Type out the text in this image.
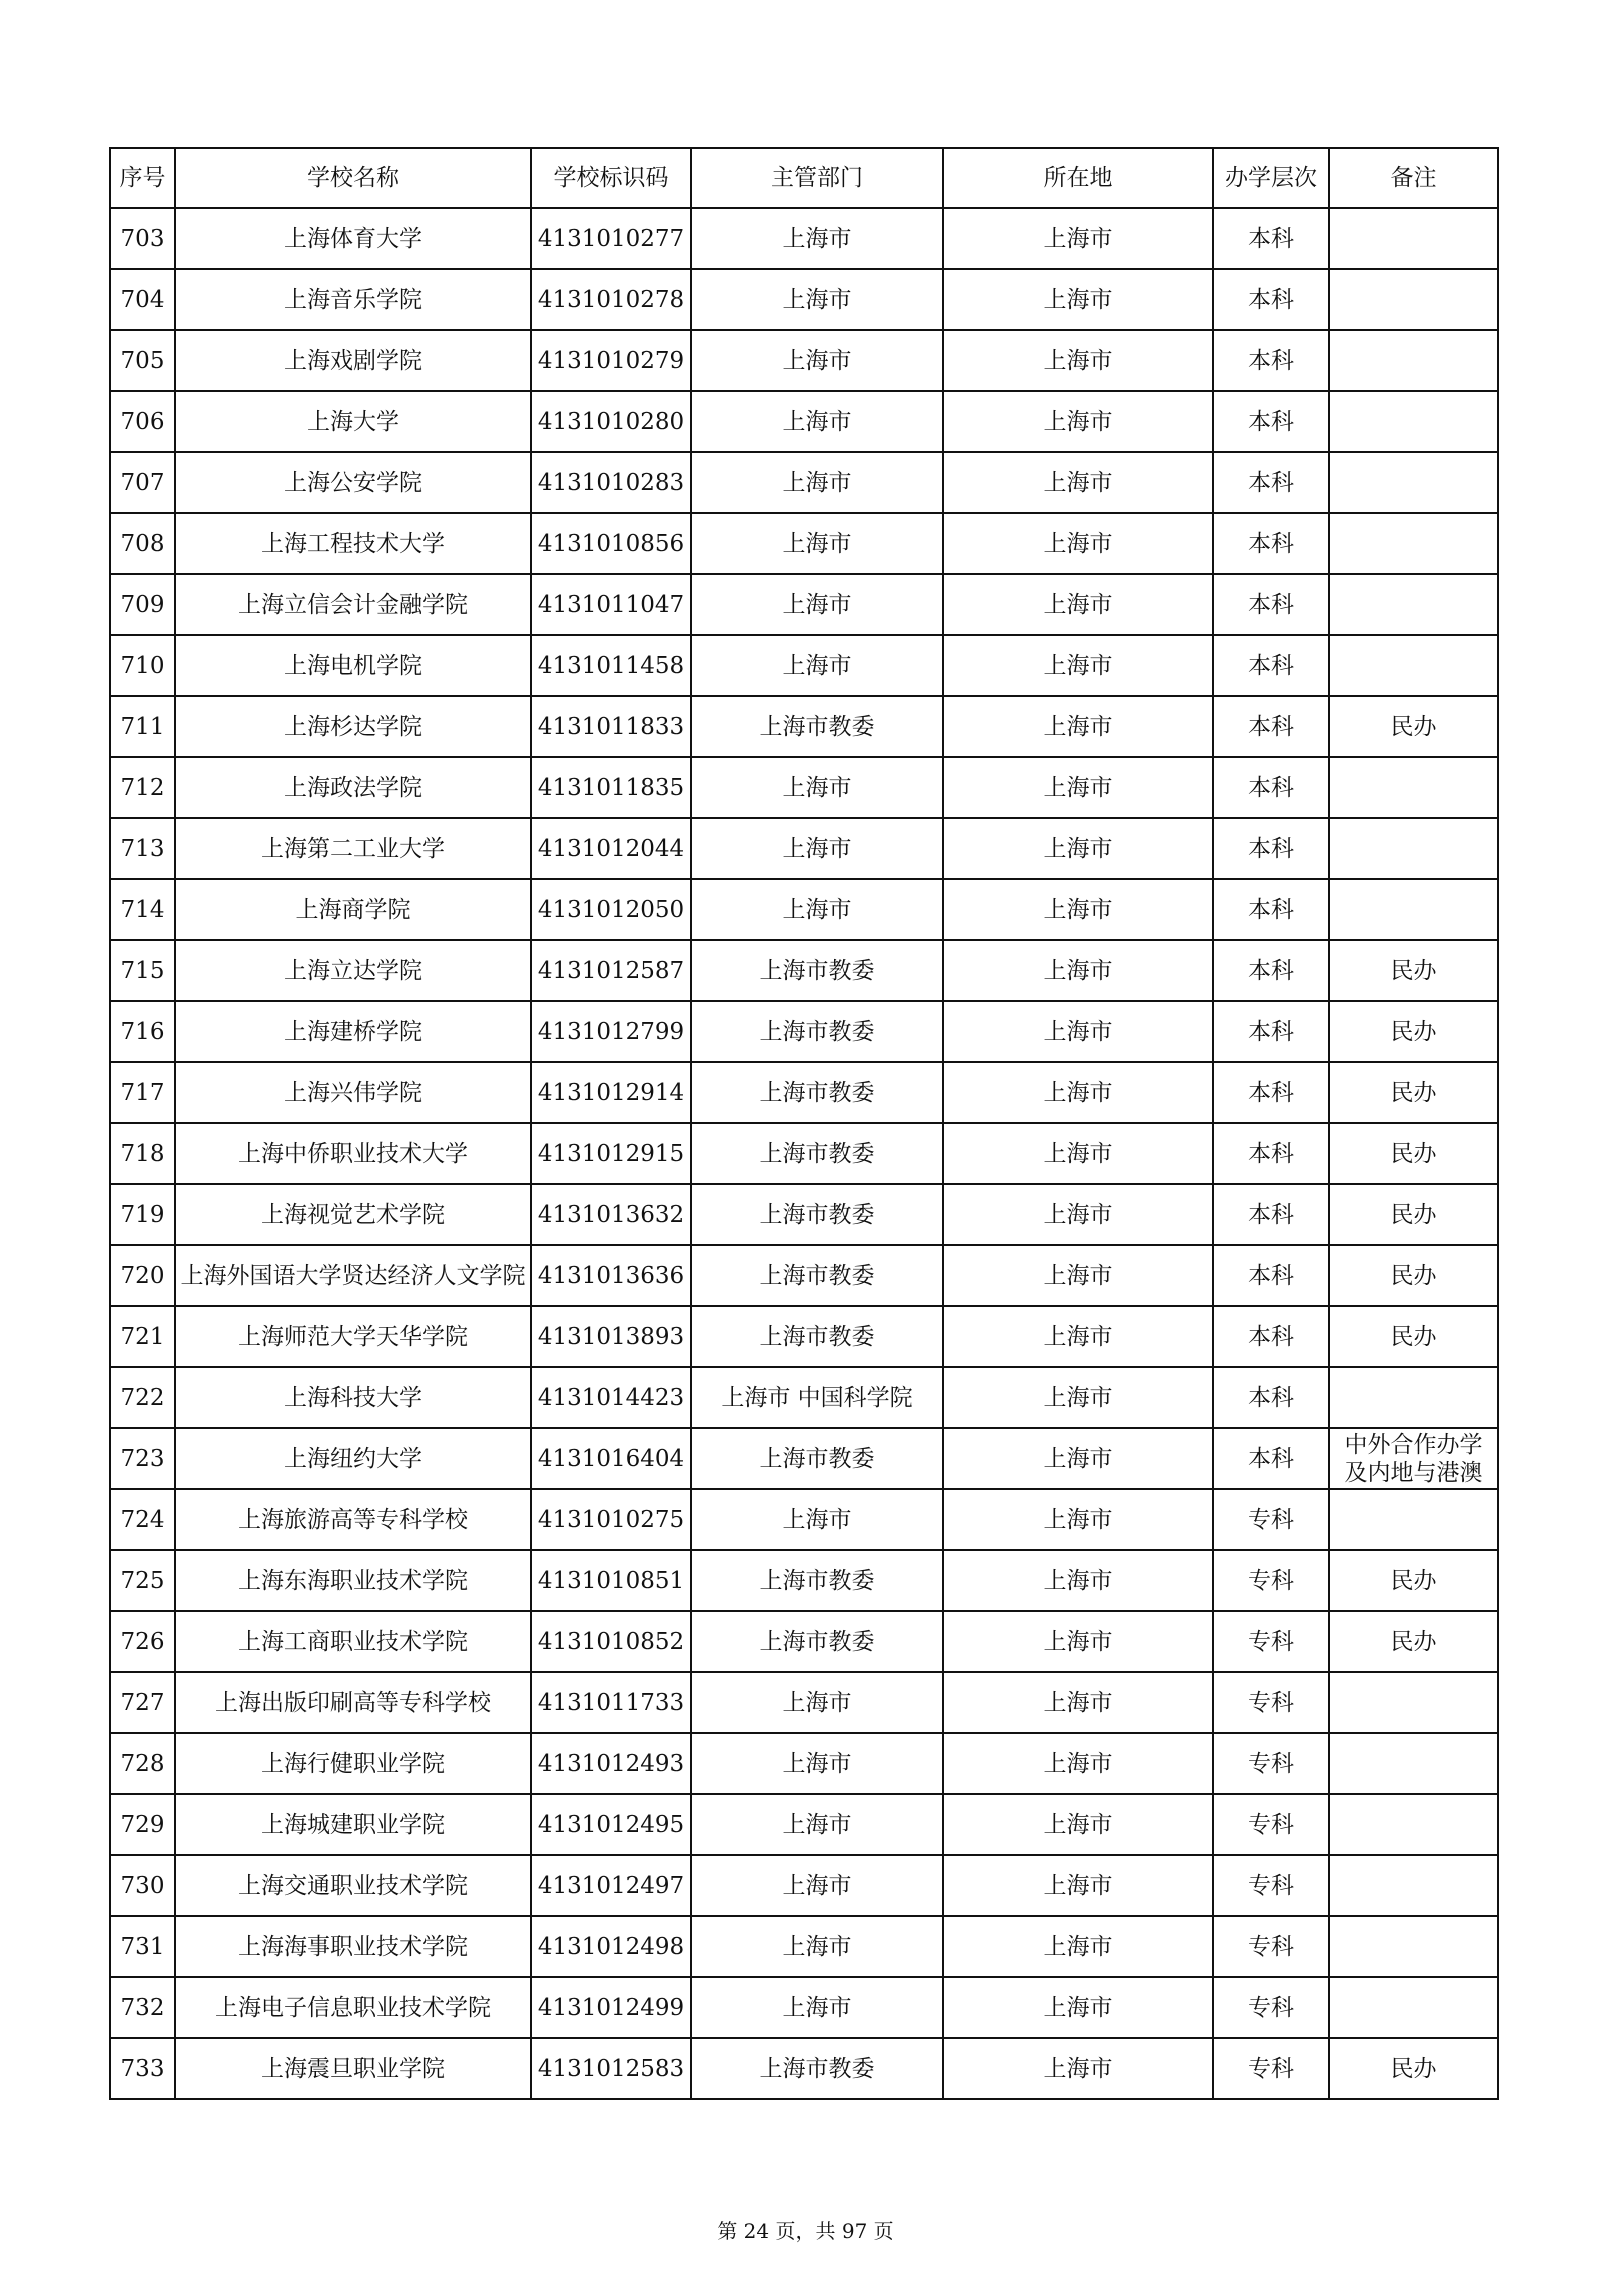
序号	学校名称	学校标识码	主管部门	所在地	办学层次	备注
703	上海体育大学	4131010277	上海市	上海市	本科	
704	上海音乐学院	4131010278	上海市	上海市	本科	
705	上海戏剧学院	4131010279	上海市	上海市	本科	
706	上海大学	4131010280	上海市	上海市	本科	
707	上海公安学院	4131010283	上海市	上海市	本科	
708	上海工程技术大学	4131010856	上海市	上海市	本科	
709	上海立信会计金融学院	4131011047	上海市	上海市	本科	
710	上海电机学院	4131011458	上海市	上海市	本科	
711	上海杉达学院	4131011833	上海市教委	上海市	本科	民办
712	上海政法学院	4131011835	上海市	上海市	本科	
713	上海第二工业大学	4131012044	上海市	上海市	本科	
714	上海商学院	4131012050	上海市	上海市	本科	
715	上海立达学院	4131012587	上海市教委	上海市	本科	民办
716	上海建桥学院	4131012799	上海市教委	上海市	本科	民办
717	上海兴伟学院	4131012914	上海市教委	上海市	本科	民办
718	上海中侨职业技术大学	4131012915	上海市教委	上海市	本科	民办
719	上海视觉艺术学院	4131013632	上海市教委	上海市	本科	民办
720	上海外国语大学贤达经济人文学院	4131013636	上海市教委	上海市	本科	民办
721	上海师范大学天华学院	4131013893	上海市教委	上海市	本科	民办
722	上海科技大学	4131014423	上海市 中国科学院	上海市	本科	
723	上海纽约大学	4131016404	上海市教委	上海市	本科	中外合作办学及内地与港澳
724	上海旅游高等专科学校	4131010275	上海市	上海市	专科	
725	上海东海职业技术学院	4131010851	上海市教委	上海市	专科	民办
726	上海工商职业技术学院	4131010852	上海市教委	上海市	专科	民办
727	上海出版印刷高等专科学校	4131011733	上海市	上海市	专科	
728	上海行健职业学院	4131012493	上海市	上海市	专科	
729	上海城建职业学院	4131012495	上海市	上海市	专科	
730	上海交通职业技术学院	4131012497	上海市	上海市	专科	
731	上海海事职业技术学院	4131012498	上海市	上海市	专科	
732	上海电子信息职业技术学院	4131012499	上海市	上海市	专科	
733	上海震旦职业学院	4131012583	上海市教委	上海市	专科	民办
第 24 页，共 97 页
